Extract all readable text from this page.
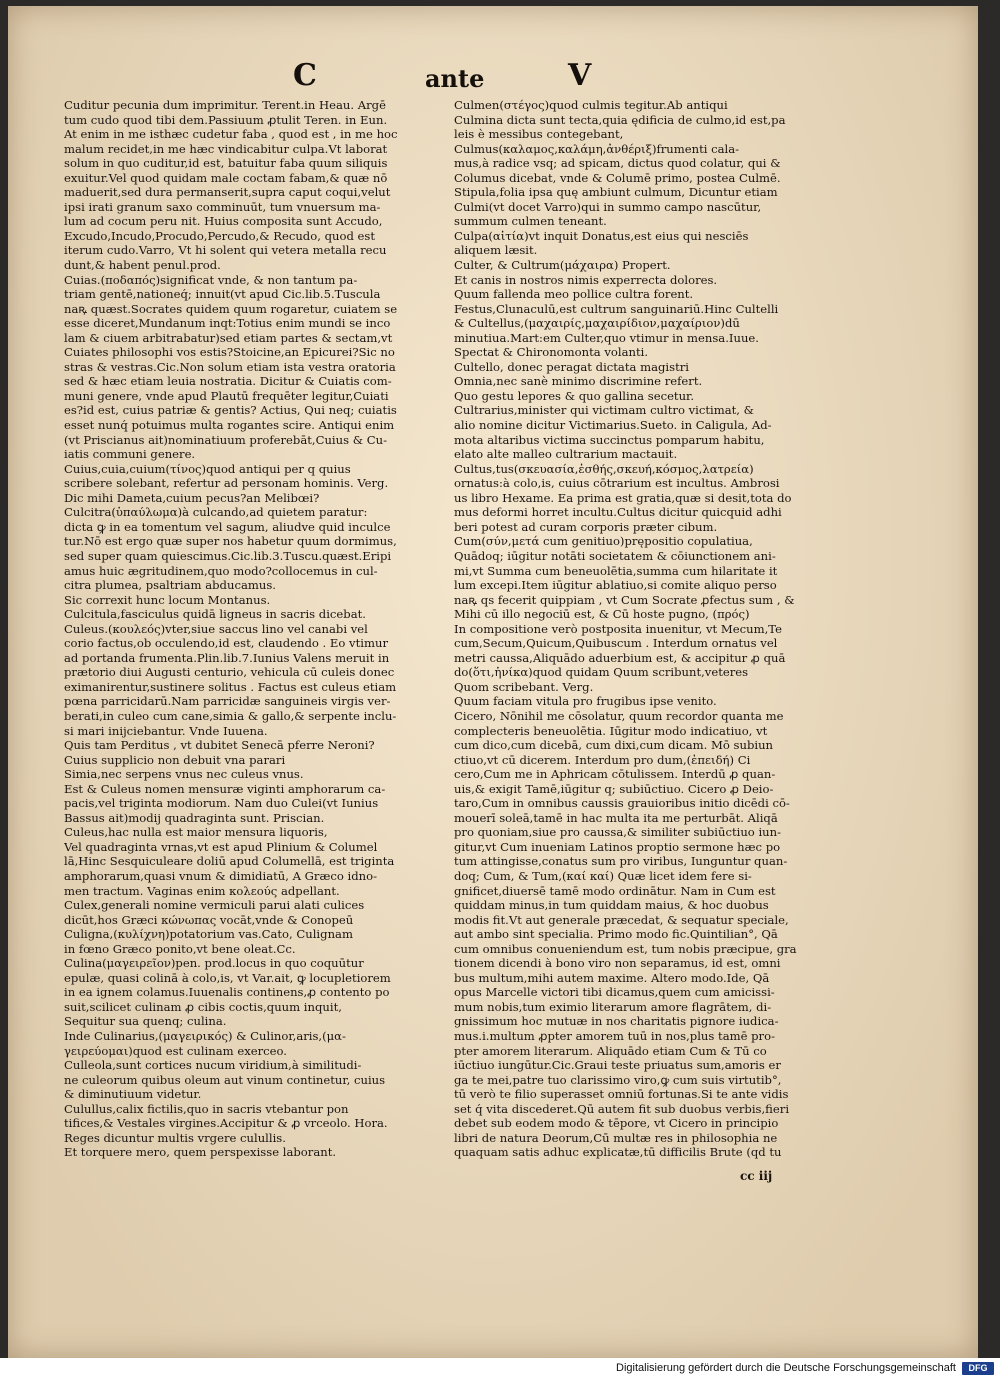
C	ante	V

Cuditur pecunia dum imprimitur. Terent.in Heau. Argē

tum cudo quod tibi dem.Passiuum ꝓtulit Teren. in Eun.

At enim in me isthæc cudetur faba , quod est , in me hoc

malum recidet,in me hæc vindicabitur culpa.Vt laborat

solum in quo cuditur,id est, batuitur faba quum siliquis

exuitur.Vel quod quidam male coctam fabam,& quæ nō

maduerit,sed dura permanserit,supra caput coqui,velut

ipsi irati granum saxo comminuūt, tum vnuersum ma-

lum ad cocum peru nit. Huius composita sunt Accudo,

Excudo,Incudo,Procudo,Percudo,& Recudo, quod est

iterum cudo.Varro, Vt hi solent qui vetera metalla recu

dunt,& habent penul.prod.

Cuias.(ποδαπός)significat vnde, & non tantum pa-

triam gentē,nationeq́; innuit(vt apud Cic.lib.5.Tuscula

naꝶ quæst.Socrates quidem quum rogaretur, cuiatem se

esse diceret,Mundanum inqt:Totius enim mundi se inco

lam & ciuem arbitrabatur)sed etiam partes & sectam,vt

Cuiates philosophi vos estis?Stoicine,an Epicurei?Sic no

stras & vestras.Cic.Non solum etiam ista vestra oratoria

sed & hæc etiam leuia nostratia. Dicitur & Cuiatis com-

muni genere, vnde apud Plautū frequēter legitur,Cuiati

es?id est, cuius patriæ & gentis? Actius, Qui neq; cuiatis

esset nunq́ potuimus multa rogantes scire. Antiqui enim

(vt Priscianus ait)nominatiuum proferebāt,Cuius & Cu-

iatis communi genere.

Cuius,cuia,cuium(τίνος)quod antiqui per q quius

scribere solebant, refertur ad personam hominis. Verg.

Dic mihi Dameta,cuium pecus?an Melibœi?

Culcitra(ὑπαύλωμα)à culcando,ad quietem paratur:

dicta ꝙ in ea tomentum vel sagum, aliudve quid inculce

tur.Nō est ergo quæ super nos habetur quum dormimus,

sed super quam quiescimus.Cic.lib.3.Tuscu.quæst.Eripi

amus huic ægritudinem,quo modo?collocemus in cul-

citra plumea, psaltriam abducamus.

Sic correxit hunc locum Montanus.

Culcitula,fasciculus quidā ligneus in sacris dicebat.

Culeus.(κουλεός)vter,siue saccus lino vel canabi vel

corio factus,ob occulendo,id est, claudendo . Eo vtimur

ad portanda frumenta.Plin.lib.7.Iunius Valens meruit in

prætorio diui Augusti centurio, vehicula cū culeis donec

eximanirentur,sustinere solitus . Factus est culeus etiam

pœna parricidarū.Nam parricidæ sanguineis virgis ver-

berati,in culeo cum cane,simia & gallo,& serpente inclu-

si mari inijciebantur. Vnde Iuuena.

Quis tam Perditus , vt dubitet Senecā pferre Neroni?

Cuius supplicio non debuit vna parari

Simia,nec serpens vnus nec culeus vnus.

Est & Culeus nomen mensuræ viginti amphorarum ca-

pacis,vel triginta modiorum. Nam duo Culei(vt Iunius

Bassus ait)modij quadraginta sunt. Priscian.

Culeus,hac nulla est maior mensura liquoris,

Vel quadraginta vrnas,vt est apud Plinium & Columel

lā,Hinc Sesquiculeare doliū apud Columellā, est triginta

amphorarum,quasi vnum & dimidiatū, A Græco idno-

men tractum. Vaginas enim κολεούς adpellant.

Culex,generali nomine vermiculi parui alati culices

dicūt,hos Græci κώνωπας vocāt,vnde & Conopeū

Culigna,(κυλίχνη)potatorium vas.Cato, Culignam

in fœno Græco ponito,vt bene oleat.Cc.

Culina(μαγειρεῖον)pen. prod.locus in quo coquūtur

epulæ, quasi colinā à colo,is, vt Var.ait, ꝙ locupletiorem

in ea ignem colamus.Iuuenalis continens,ꝓ contento po

suit,scilicet culinam ꝓ cibis coctis,quum inquit,

Sequitur sua quenq; culina.

Inde Culinarius,(μαγειρικός) & Culinor,aris,(μα-

γειρεύομαι)quod est culinam exerceo.

Culleola,sunt cortices nucum viridium,à similitudi-

ne culeorum quibus oleum aut vinum continetur, cuius

& diminutiuum videtur.

Culullus,calix fictilis,quo in sacris vtebantur pon

tifices,& Vestales virgines.Accipitur & ꝓ vrceolo. Hora.

Reges dicuntur multis vrgere culullis.

Et torquere mero, quem perspexisse laborant.

Culmen(στέγος)quod culmis tegitur.Ab antiqui

Culmina dicta sunt tecta,quia ędificia de culmo,id est,pa

leis è messibus contegebant,

Culmus(καλαμος,καλάμη,ἀνθέριξ)frumenti cala-

mus,à radice vsq; ad spicam, dictus quod colatur, qui &

Columus dicebat, vnde & Columē primo, postea Culmē.

Stipula,folia ipsa quę ambiunt culmum, Dicuntur etiam

Culmi(vt docet Varro)qui in summo campo nascūtur,

summum culmen teneant.

Culpa(αἰτία)vt inquit Donatus,est eius qui nesciēs

aliquem læsit.

Culter, & Cultrum(μάχαιρα) Propert.

Et canis in nostros nimis experrecta dolores.

Quum fallenda meo pollice cultra forent.

Festus,Clunaculū,est cultrum sanguinariū.Hinc Cultelli

& Cultellus,(μαχαιρίς,μαχαιρίδιον,μαχαίριον)dū

minutiua.Mart:em Culter,quo vtimur in mensa.Iuue.

Spectat & Chironomonta volanti.

Cultello, donec peragat dictata magistri

Omnia,nec sanè minimo discrimine refert.

Quo gestu lepores & quo gallina secetur.

Cultrarius,minister qui victimam cultro victimat, &

alio nomine dicitur Victimarius.Sueto. in Caligula, Ad-

mota altaribus victima succinctus pomparum habitu,

elato alte malleo cultrarium mactauit.

Cultus,tus(σκευασία,ἐσθής,σκευή,κόσμος,λατρεία)

ornatus:à colo,is, cuius cōtrarium est incultus. Ambrosi

us libro Hexame. Ea prima est gratia,quæ si desit,tota do

mus deformi horret incultu.Cultus dicitur quicquid adhi

beri potest ad curam corporis præter cibum.

Cum(σύν,μετά cum genitiuo)prępositio copulatiua,

Quādoq; iūgitur notāti societatem & cōiunctionem ani-

mi,vt Summa cum beneuolētia,summa cum hilaritate it

lum excepi.Item iūgitur ablatiuo,si comite aliquo perso

naꝶ qs fecerit quippiam , vt Cum Socrate ꝓfectus sum , &

Mihi cū illo negociū est, & Cū hoste pugno, (πρός)

In compositione verò postposita inuenitur, vt Mecum,Te

cum,Secum,Quicum,Quibuscum . Interdum ornatus vel

metri caussa,Aliquādo aduerbium est, & accipitur ꝓ quā

do(ὅτι,ἡνίκα)quod quidam Quum scribunt,veteres

Quom scribebant. Verg.

Quum faciam vitula pro frugibus ipse venito.

Cicero, Nōnihil me cōsolatur, quum recordor quanta me

complecteris beneuolētia. Iūgitur modo indicatiuo, vt

cum dico,cum dicebā, cum dixi,cum dicam. Mō subiun

ctiuo,vt cū dicerem. Interdum pro dum,(ἐπειδή) Ci

cero,Cum me in Aphricam cōtulissem. Interdū ꝓ quan-

uis,& exigit Tamē,iūgitur q; subiūctiuo. Cicero ꝓ Deio-

taro,Cum in omnibus caussis grauioribus initio dicēdi cō-

mouerī soleā,tamē in hac multa ita me perturbāt. Aliqā

pro quoniam,siue pro caussa,& similiter subiūctiuo iun-

gitur,vt Cum inueniam Latinos proptio sermone hæc po

tum attingisse,conatus sum pro viribus, Iunguntur quan-

doq; Cum, & Tum,(καί καί) Quæ licet idem fere si-

gnificet,diuersē tamē modo ordinātur. Nam in Cum est

quiddam minus,in tum quiddam maius, & hoc duobus

modis fit.Vt aut generale præcedat, & sequatur speciale,

aut ambo sint specialia. Primo modo fic.Quintilian°, Qā

cum omnibus conueniendum est, tum nobis præcipue, gra

tionem dicendi à bono viro non separamus, id est, omni

bus multum,mihi autem maxime. Altero modo.Ide, Qā

opus Marcelle victori tibi dicamus,quem cum amicissi-

mum nobis,tum eximio literarum amore flagrātem, di-

gnissimum hoc mutuæ in nos charitatis pignore iudica-

mus.i.multum ꝓpter amorem tuū in nos,plus tamē pro-

pter amorem literarum. Aliquādo etiam Cum & Tū co

iūctiuo iungūtur.Cic.Graui teste priuatus sum,amoris er

ga te mei,patre tuo clarissimo viro,ꝙ cum suis virtutib°,

tū verò te filio superasset omniū fortunas.Si te ante vidis

set q́ vita discederet.Qū autem fit sub duobus verbis,fieri

debet sub eodem modo & tēpore, vt Cicero in principio

libri de natura Deorum,Cū multæ res in philosophia ne

quaquam satis adhuc explicatæ,tū difficilis Brute (qd tu

cc iij
Digitalisierung gefördert durch die Deutsche Forschungsgemeinschaft	DFG
